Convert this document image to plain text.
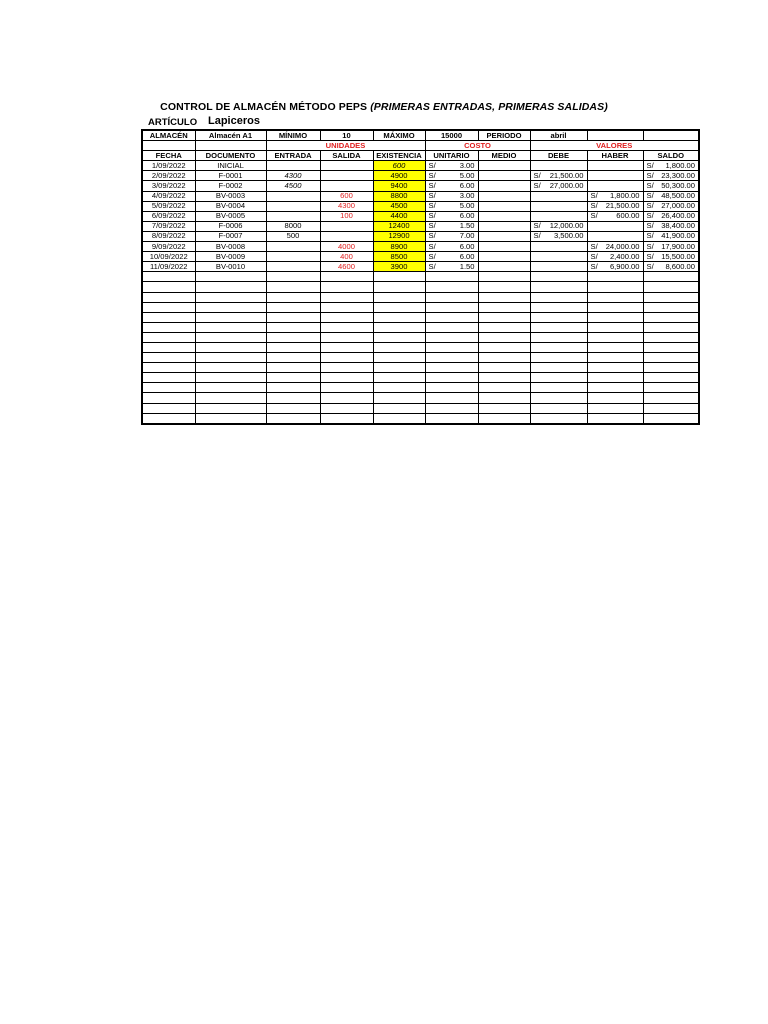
CONTROL DE ALMACÉN MÉTODO PEPS (PRIMERAS ENTRADAS, PRIMERAS SALIDAS)
ARTÍCULO Lapiceros
ALMACÉN	Almacén A1	MÍNIMO	10	MÁXIMO	15000	PERIODO	abril		
		UNIDADES			COSTO		VALORES		
FECHA	DOCUMENTO	ENTRADA	SALIDA	EXISTENCIA	UNITARIO	MEDIO	DEBE	HABER	SALDO
1/09/2022	INICIAL			600	S/ 3.00				S/ 1,800.00

2/09/2022	F-0001	4300		4900	S/ 5.00		S/ 21,500.00		S/ 23,300.00

3/09/2022	F-0002	4500		9400	S/ 6.00		S/ 27,000.00		S/ 50,300.00

4/09/2022	BV-0003		600	8800	S/ 3.00			S/ 1,800.00	S/ 48,500.00

5/09/2022	BV-0004		4300	4500	S/ 5.00			S/ 21,500.00	S/ 27,000.00

6/09/2022	BV-0005		100	4400	S/ 6.00			S/ 600.00	S/ 26,400.00

7/09/2022	F-0006	8000		12400	S/ 1.50		S/ 12,000.00		S/ 38,400.00

8/09/2022	F-0007	500		12900	S/ 7.00		S/ 3,500.00		S/ 41,900.00

9/09/2022	BV-0008		4000	8900	S/ 6.00			S/ 24,000.00	S/ 17,900.00

10/09/2022	BV-0009		400	8500	S/ 6.00			S/ 2,400.00	S/ 15,500.00

11/09/2022	BV-0010		4600	3900	S/ 1.50			S/ 6,900.00	S/ 8,600.00
